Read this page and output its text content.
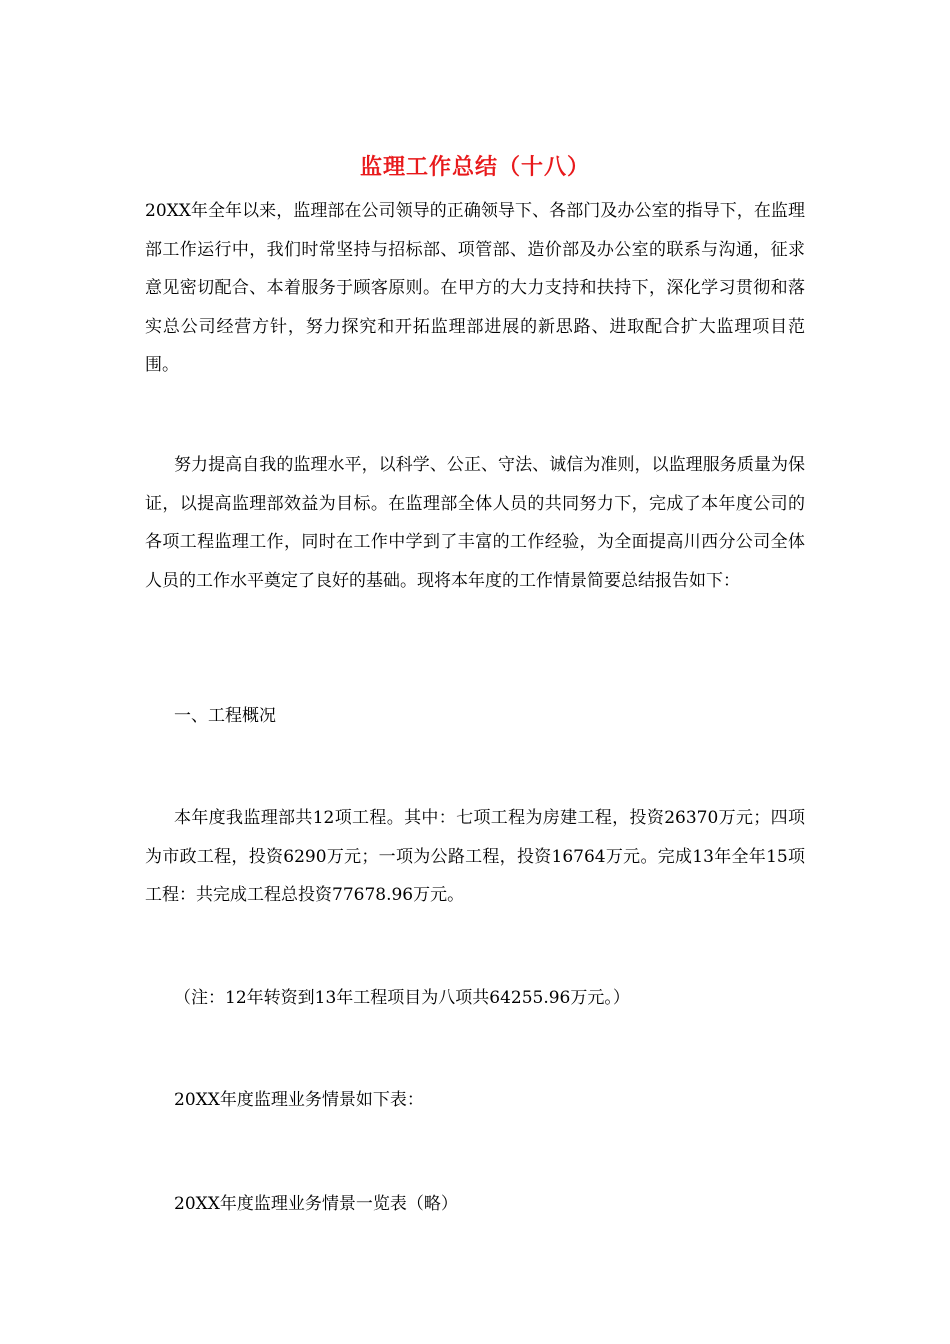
监理工作总结（十八）

20XX年全年以来，监理部在公司领导的正确领导下、各部门及办公室的指导下，在监理部工作运行中，我们时常坚持与招标部、项管部、造价部及办公室的联系与沟通，征求意见密切配合、本着服务于顾客原则。在甲方的大力支持和扶持下，深化学习贯彻和落实总公司经营方针，努力探究和开拓监理部进展的新思路、进取配合扩大监理项目范围。

努力提高自我的监理水平，以科学、公正、守法、诚信为准则，以监理服务质量为保证，以提高监理部效益为目标。在监理部全体人员的共同努力下，完成了本年度公司的各项工程监理工作，同时在工作中学到了丰富的工作经验，为全面提高川西分公司全体人员的工作水平奠定了良好的基础。现将本年度的工作情景简要总结报告如下：

一、工程概况

本年度我监理部共12项工程。其中：七项工程为房建工程，投资26370万元；四项为市政工程，投资6290万元；一项为公路工程，投资16764万元。完成13年全年15项工程：共完成工程总投资77678.96万元。

（注：12年转资到13年工程项目为八项共64255.96万元。）

20XX年度监理业务情景如下表：

20XX年度监理业务情景一览表（略）
